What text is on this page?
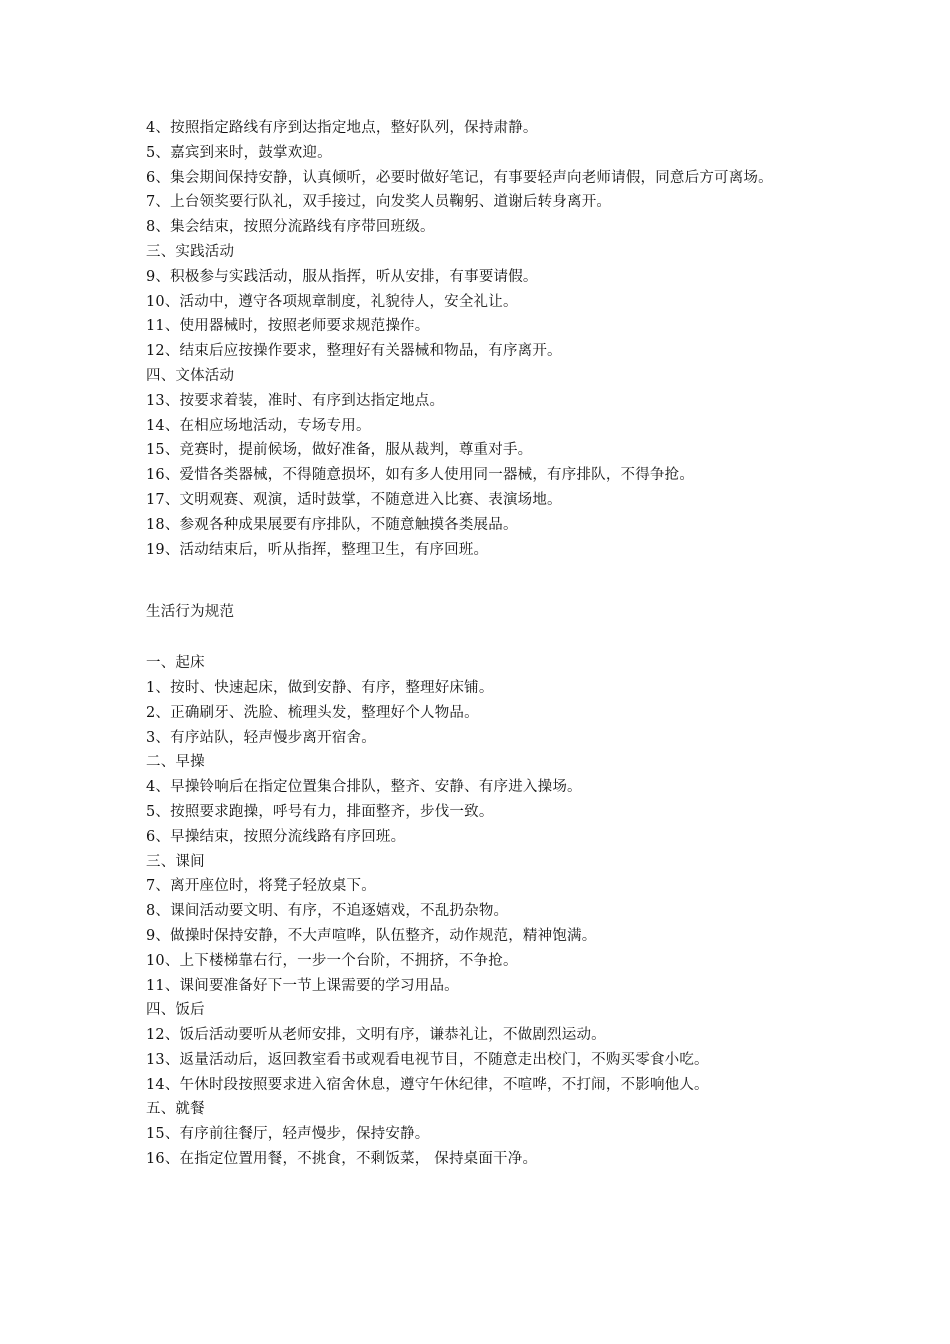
4、按照指定路线有序到达指定地点，整好队列，保持肃静。
5、嘉宾到来时，鼓掌欢迎。
6、集会期间保持安静，认真倾听，必要时做好笔记，有事要轻声向老师请假，同意后方可离场。
7、上台领奖要行队礼，双手接过，向发奖人员鞠躬、道谢后转身离开。
8、集会结束，按照分流路线有序带回班级。
三、实践活动
9、积极参与实践活动，服从指挥，听从安排，有事要请假。
10、活动中，遵守各项规章制度，礼貌待人，安全礼让。
11、使用器械时，按照老师要求规范操作。
12、结束后应按操作要求，整理好有关器械和物品，有序离开。
四、文体活动
13、按要求着装，准时、有序到达指定地点。
14、在相应场地活动，专场专用。
15、竞赛时，提前候场，做好准备，服从裁判，尊重对手。
16、爱惜各类器械，不得随意损坏，如有多人使用同一器械，有序排队，不得争抢。
17、文明观赛、观演，适时鼓掌，不随意进入比赛、表演场地。
18、参观各种成果展要有序排队，不随意触摸各类展品。
19、活动结束后，听从指挥，整理卫生，有序回班。
生活行为规范
一、起床
1、按时、快速起床，做到安静、有序，整理好床铺。
2、正确刷牙、洗脸、梳理头发，整理好个人物品。
3、有序站队，轻声慢步离开宿舍。
二、早操
4、早操铃响后在指定位置集合排队，整齐、安静、有序进入操场。
5、按照要求跑操，呼号有力，排面整齐，步伐一致。
6、早操结束，按照分流线路有序回班。
三、课间
7、离开座位时，将凳子轻放桌下。
8、课间活动要文明、有序，不追逐嬉戏，不乱扔杂物。
9、做操时保持安静，不大声喧哗，队伍整齐，动作规范，精神饱满。
10、上下楼梯靠右行，一步一个台阶，不拥挤，不争抢。
11、课间要准备好下一节上课需要的学习用品。
四、饭后
12、饭后活动要听从老师安排，文明有序，谦恭礼让，不做剧烈运动。
13、返量活动后，返回教室看书或观看电视节目，不随意走出校门，不购买零食小吃。
14、午休时段按照要求进入宿舍休息，遵守午休纪律，不喧哗，不打闹，不影响他人。
五、就餐
15、有序前往餐厅，轻声慢步，保持安静。
16、在指定位置用餐，不挑食，不剩饭菜， 保持桌面干净。
